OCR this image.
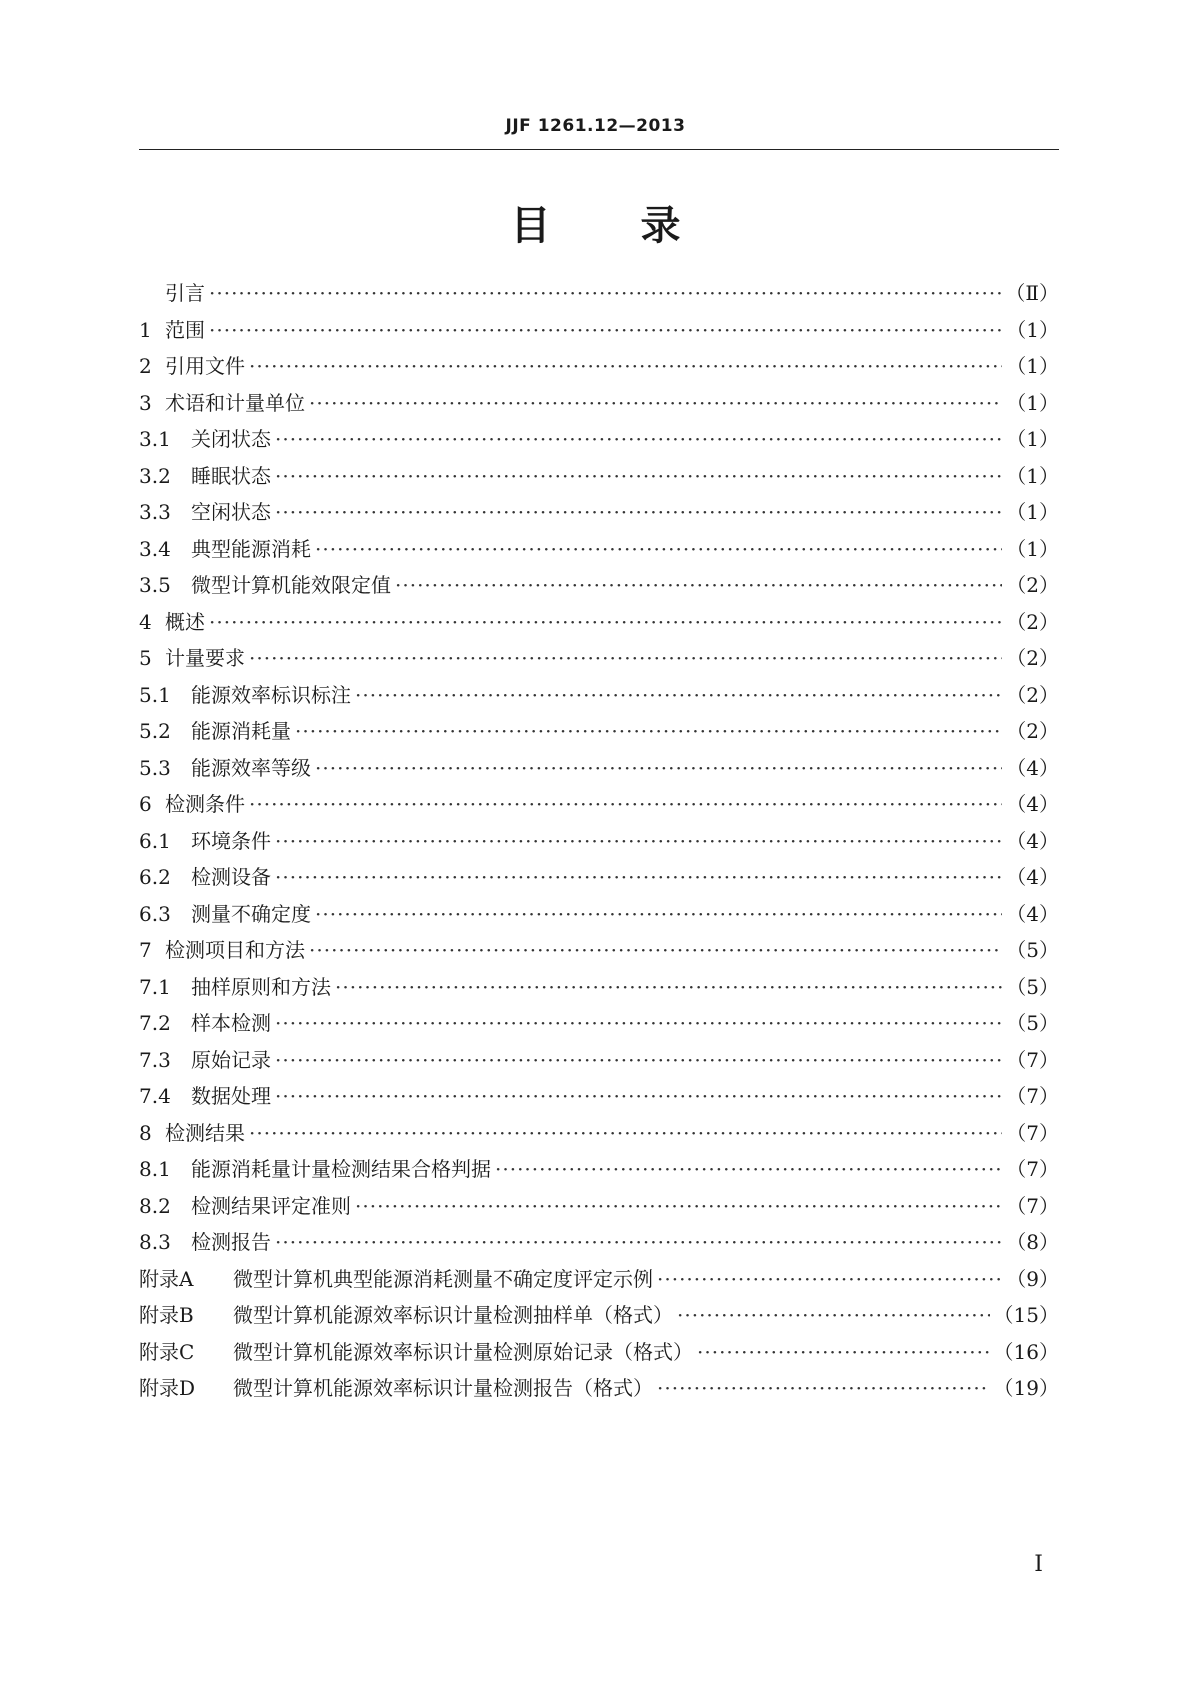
JJF 1261.12—2013
目 录
引言 ·····	（Ⅱ）
1 范围 ·····	（1）
2 引用文件 ·····	（1）
3 术语和计量单位 ·····	（1）
3.1	关闭状态 ·····	（1）
3.2	睡眠状态 ·····	（1）
3.3	空闲状态 ·····	（1）
3.4	典型能源消耗 ·····	（1）
3.5	微型计算机能效限定值 ·····	（2）
4 概述 ·····	（2）
5 计量要求 ·····	（2）
5.1	能源效率标识标注 ·····	（2）
5.2	能源消耗量 ·····	（2）
5.3	能源效率等级 ·····	（4）
6 检测条件 ·····	（4）
6.1	环境条件 ·····	（4）
6.2	检测设备 ·····	（4）
6.3	测量不确定度 ·····	（4）
7 检测项目和方法 ·····	（5）
7.1	抽样原则和方法 ·····	（5）
7.2	样本检测 ·····	（5）
7.3	原始记录 ·····	（7）
7.4	数据处理 ·····	（7）
8 检测结果 ·····	（7）
8.1	能源消耗量计量检测结果合格判据 ·····	（7）
8.2	检测结果评定准则 ·····	（7）
8.3	检测报告 ·····	（8）
附录A	微型计算机典型能源消耗测量不确定度评定示例 ·····	（9）
附录B	微型计算机能源效率标识计量检测抽样单（格式） ·····	（15）
附录C	微型计算机能源效率标识计量检测原始记录（格式） ·····	（16）
附录D	微型计算机能源效率标识计量检测报告（格式） ·····	（19）
Ⅰ
